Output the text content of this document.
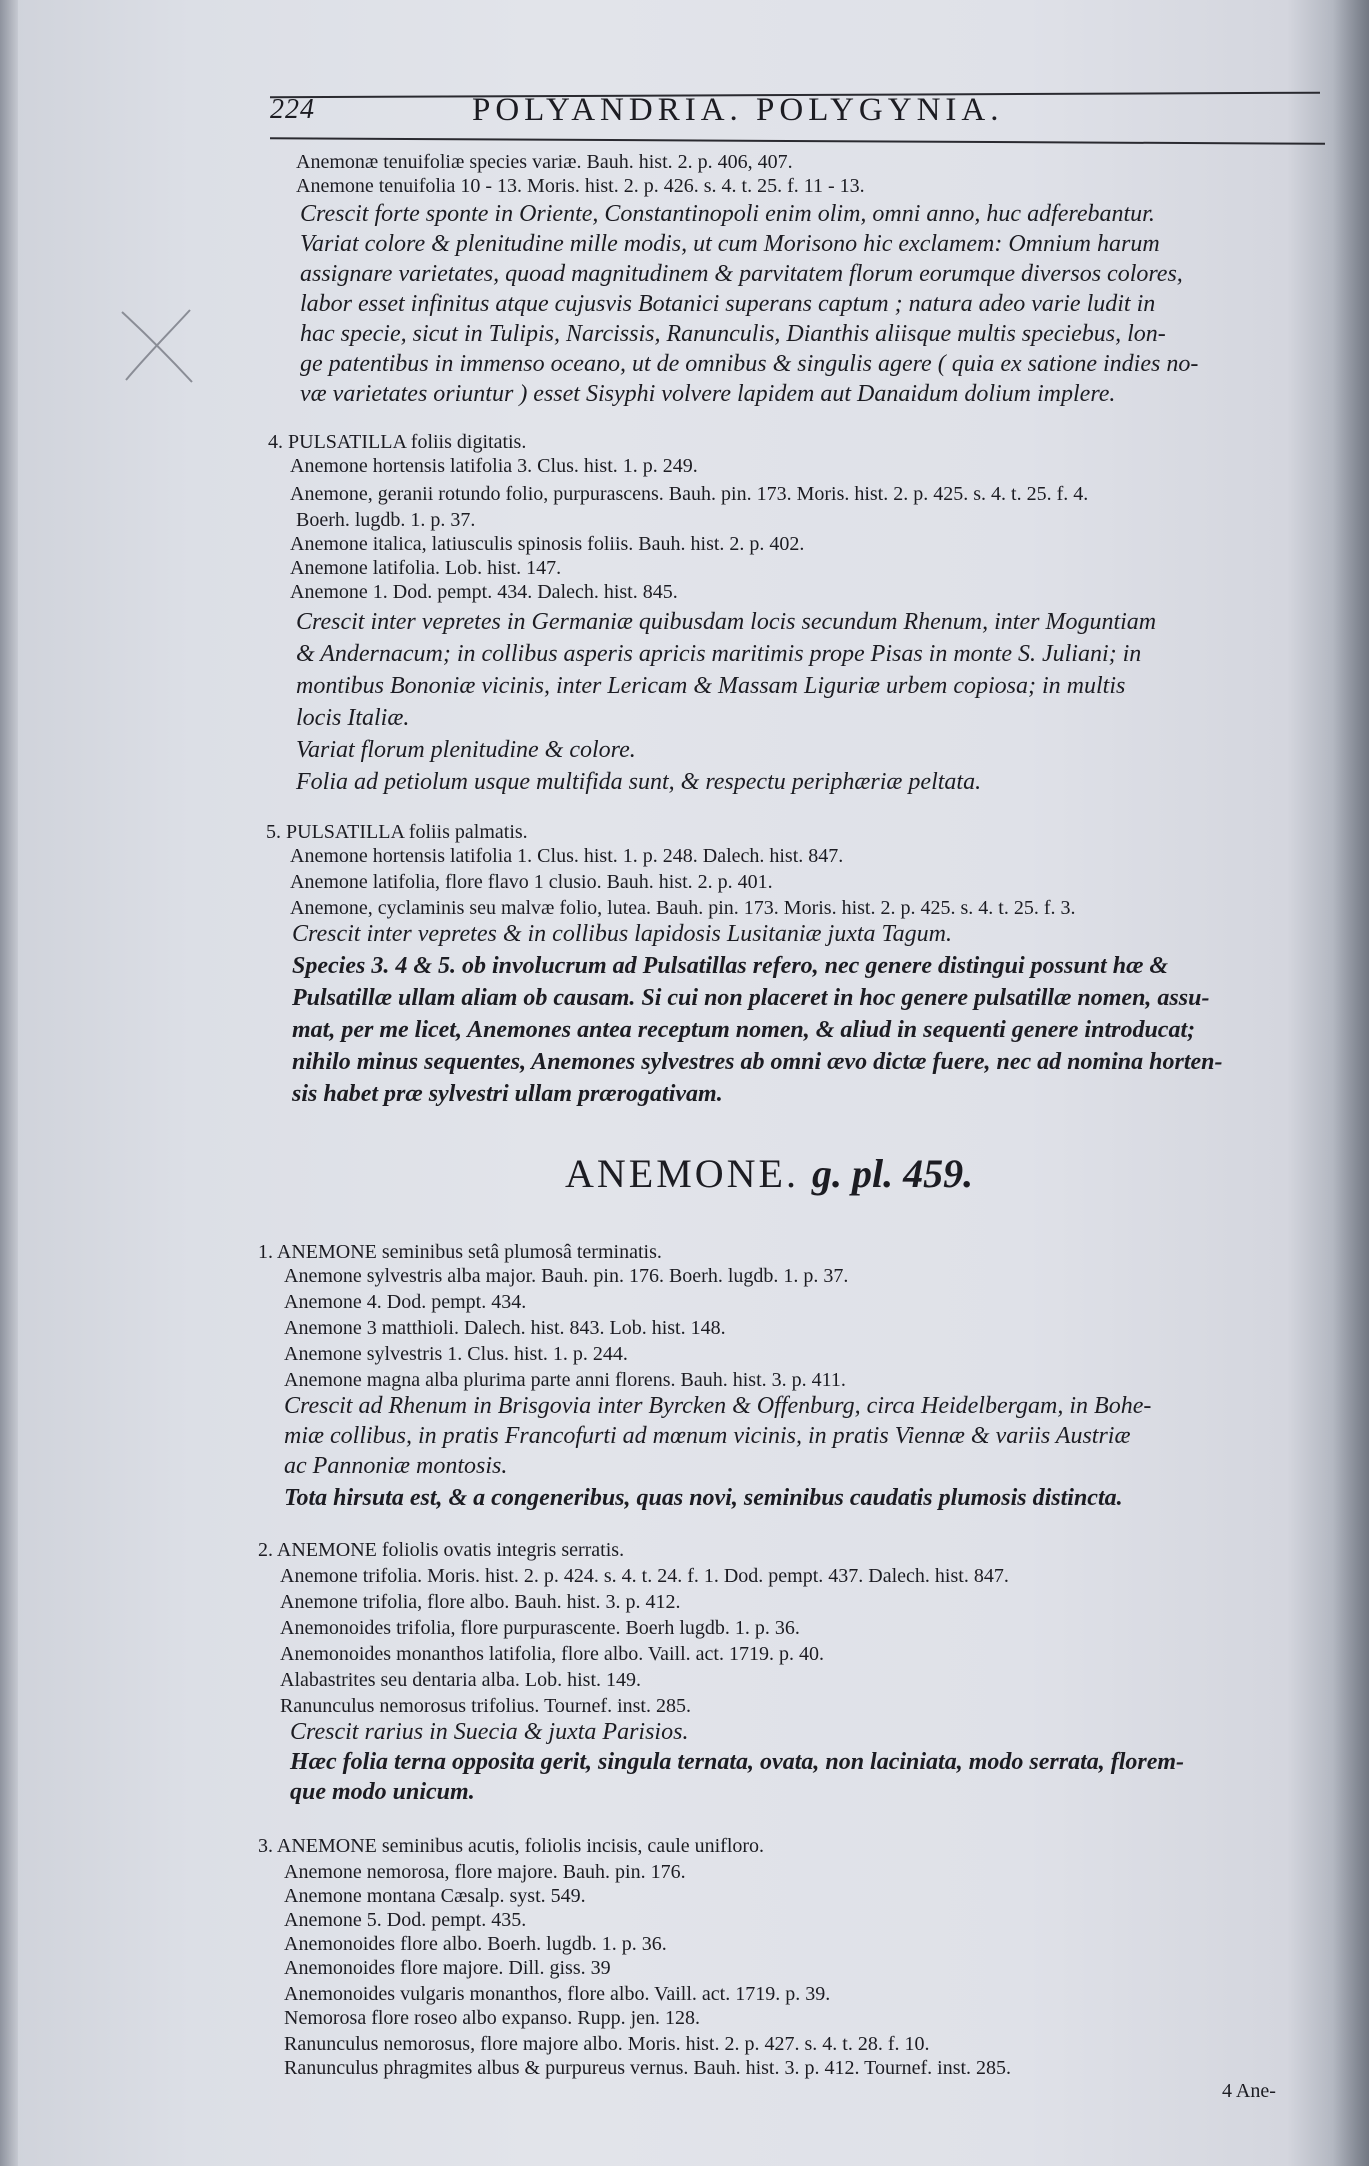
224	POLYANDRIA. POLYGYNIA.
Anemonæ tenuifoliæ species variæ. Bauh. hist. 2. p. 406, 407.
Anemone tenuifolia 10 - 13. Moris. hist. 2. p. 426. s. 4. t. 25. f. 11 - 13.
Crescit forte sponte in Oriente, Constantinopoli enim olim, omni anno, huc adferebantur.
Variat colore & plenitudine mille modis, ut cum Morisono hic exclamem: Omnium harum
assignare varietates, quoad magnitudinem & parvitatem florum eorumque diversos colores,
labor esset infinitus atque cujusvis Botanici superans captum ; natura adeo varie ludit in
hac specie, sicut in Tulipis, Narcissis, Ranunculis, Dianthis aliisque multis speciebus, lon-
ge patentibus in immenso oceano, ut de omnibus & singulis agere ( quia ex satione indies no-
væ varietates oriuntur ) esset Sisyphi volvere lapidem aut Danaidum dolium implere.
4. PULSATILLA foliis digitatis.
Anemone hortensis latifolia 3. Clus. hist. 1. p. 249.
Anemone, geranii rotundo folio, purpurascens. Bauh. pin. 173. Moris. hist. 2. p. 425. s. 4. t. 25. f. 4.
Boerh. lugdb. 1. p. 37.
Anemone italica, latiusculis spinosis foliis. Bauh. hist. 2. p. 402.
Anemone latifolia. Lob. hist. 147.
Anemone 1. Dod. pempt. 434. Dalech. hist. 845.
Crescit inter vepretes in Germaniæ quibusdam locis secundum Rhenum, inter Moguntiam
& Andernacum; in collibus asperis apricis maritimis prope Pisas in monte S. Juliani; in
montibus Bononiæ vicinis, inter Lericam & Massam Liguriæ urbem copiosa; in multis
locis Italiæ.
Variat florum plenitudine & colore.
Folia ad petiolum usque multifida sunt, & respectu periphæriæ peltata.
5. PULSATILLA foliis palmatis.
Anemone hortensis latifolia 1. Clus. hist. 1. p. 248. Dalech. hist. 847.
Anemone latifolia, flore flavo 1 clusio. Bauh. hist. 2. p. 401.
Anemone, cyclaminis seu malvæ folio, lutea. Bauh. pin. 173. Moris. hist. 2. p. 425. s. 4. t. 25. f. 3.
Crescit inter vepretes & in collibus lapidosis Lusitaniæ juxta Tagum.
Species 3. 4 & 5. ob involucrum ad Pulsatillas refero, nec genere distingui possunt hæ &
Pulsatillæ ullam aliam ob causam. Si cui non placeret in hoc genere pulsatillæ nomen, assu-
mat, per me licet, Anemones antea receptum nomen, & aliud in sequenti genere introducat;
nihilo minus sequentes, Anemones sylvestres ab omni ævo dictæ fuere, nec ad nomina horten-
sis habet præ sylvestri ullam prærogativam.
ANEMONE. g. pl. 459.
1. ANEMONE seminibus setâ plumosâ terminatis.
Anemone sylvestris alba major. Bauh. pin. 176. Boerh. lugdb. 1. p. 37.
Anemone 4. Dod. pempt. 434.
Anemone 3 matthioli. Dalech. hist. 843. Lob. hist. 148.
Anemone sylvestris 1. Clus. hist. 1. p. 244.
Anemone magna alba plurima parte anni florens. Bauh. hist. 3. p. 411.
Crescit ad Rhenum in Brisgovia inter Byrcken & Offenburg, circa Heidelbergam, in Bohe-
miæ collibus, in pratis Francofurti ad mœnum vicinis, in pratis Viennæ & variis Austriæ
ac Pannoniæ montosis.
Tota hirsuta est, & a congeneribus, quas novi, seminibus caudatis plumosis distincta.
2. ANEMONE foliolis ovatis integris serratis.
Anemone trifolia. Moris. hist. 2. p. 424. s. 4. t. 24. f. 1. Dod. pempt. 437. Dalech. hist. 847.
Anemone trifolia, flore albo. Bauh. hist. 3. p. 412.
Anemonoides trifolia, flore purpurascente. Boerh lugdb. 1. p. 36.
Anemonoides monanthos latifolia, flore albo. Vaill. act. 1719. p. 40.
Alabastrites seu dentaria alba. Lob. hist. 149.
Ranunculus nemorosus trifolius. Tournef. inst. 285.
Crescit rarius in Suecia & juxta Parisios.
Hæc folia terna opposita gerit, singula ternata, ovata, non laciniata, modo serrata, florem-
que modo unicum.
3. ANEMONE seminibus acutis, foliolis incisis, caule unifloro.
Anemone nemorosa, flore majore. Bauh. pin. 176.
Anemone montana Cæsalp. syst. 549.
Anemone 5. Dod. pempt. 435.
Anemonoides flore albo. Boerh. lugdb. 1. p. 36.
Anemonoides flore majore. Dill. giss. 39
Anemonoides vulgaris monanthos, flore albo. Vaill. act. 1719. p. 39.
Nemorosa flore roseo albo expanso. Rupp. jen. 128.
Ranunculus nemorosus, flore majore albo. Moris. hist. 2. p. 427. s. 4. t. 28. f. 10.
Ranunculus phragmites albus & purpureus vernus. Bauh. hist. 3. p. 412. Tournef. inst. 285.
4 Ane-
